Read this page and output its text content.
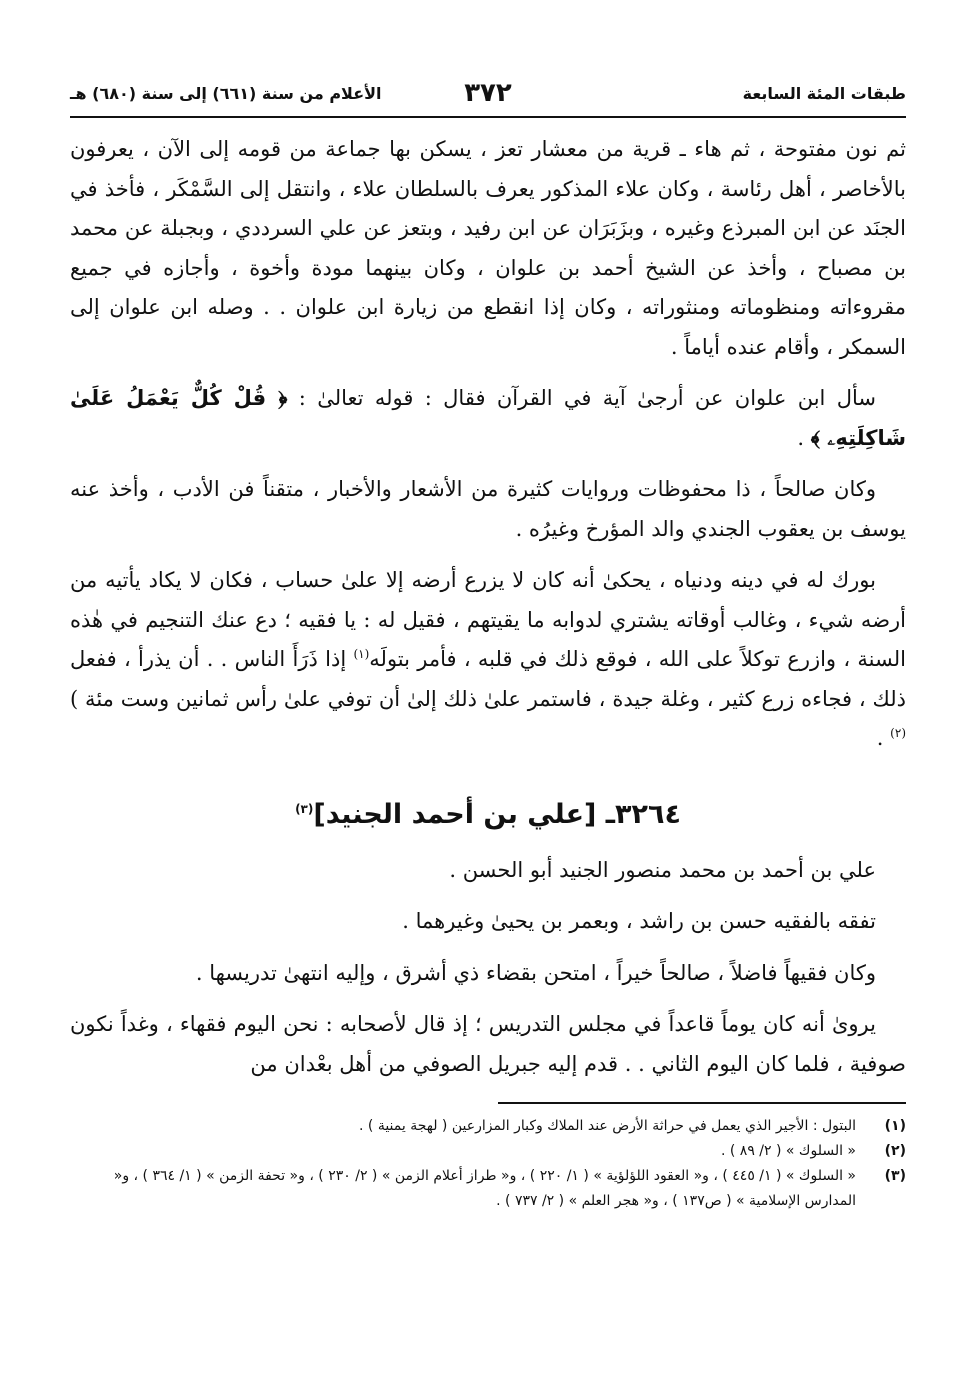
طبقات المئة السابعة
٣٧٢
الأعلام من سنة (٦٦١) إلى سنة (٦٨٠) هـ

ثم نون مفتوحة ، ثم هاء ـ قرية من معشار تعز ، يسكن بها جماعة من قومه إلى الآن ، يعرفون بالأخاصر ، أهل رئاسة ، وكان علاء المذكور يعرف بالسلطان علاء ، وانتقل إلى السَّمْكَر ، فأخذ في الجنَد عن ابن المبرذع وغيره ، وبزَبَرَان عن ابن رفيد ، وبتعز عن علي السرددي ، وبجبلة عن محمد بن مصباح ، وأخذ عن الشيخ أحمد بن علوان ، وكان بينهما مودة وأخوة ، وأجازه في جميع مقروءاته ومنظوماته ومنثوراته ، وكان إذا انقطع من زيارة ابن علوان . . وصله ابن علوان إلى السمكر ، وأقام عنده أياماً .

سأل ابن علوان عن أرجىٰ آية في القرآن فقال : قوله تعالىٰ : ﴿ قُلْ كُلٌّ يَعْمَلُ عَلَىٰ شَاكِلَتِهِۦ ﴾ .

وكان صالحاً ، ذا محفوظات وروايات كثيرة من الأشعار والأخبار ، متقناً فن الأدب ، وأخذ عنه يوسف بن يعقوب الجندي والد المؤرخ وغيرُه .

بورك له في دينه ودنياه ، يحكىٰ أنه كان لا يزرع أرضه إلا علىٰ حساب ، فكان لا يكاد يأتيه من أرضه شيء ، وغالب أوقاته يشتري لدوابه ما يقيتهم ، فقيل له : يا فقيه ؛ دع عنك التنجيم في هٰذه السنة ، وازرع توكلاً على الله ، فوقع ذلك في قلبه ، فأمر بتولَه$^{(١)}$ إذا ذَرَأَ الناس . . أن يذرأ ، ففعل ذلك ، فجاءه زرع كثير ، وغلة جيدة ، فاستمر علىٰ ذلك إلىٰ أن توفي علىٰ رأس ثمانين وست مئة )$^{(٢)}$ .

٣٢٦٤ـ [علي بن أحمد الجنيد]$^{(٣)}$

علي بن أحمد بن محمد منصور الجنيد أبو الحسن .

تفقه بالفقيه حسن بن راشد ، وبعمر بن يحيىٰ وغيرهما .

وكان فقيهاً فاضلاً ، صالحاً خيراً ، امتحن بقضاء ذي أشرق ، وإليه انتهىٰ تدريسها .

يروىٰ أنه كان يوماً قاعداً في مجلس التدريس ؛ إذ قال لأصحابه : نحن اليوم فقهاء ، وغداً نكون صوفية ، فلما كان اليوم الثاني . . قدم إليه جبريل الصوفي من أهل بعْدان من

(١)
البتول : الأجير الذي يعمل في حراثة الأرض عند الملاك وكبار المزارعين ( لهجة يمنية ) .
(٢)
« السلوك » ( ٢/ ٨٩ ) .
(٣)
« السلوك » ( ١/ ٤٤٥ ) ، و« العقود اللؤلؤية » ( ١/ ٢٢٠ ) ، و« طراز أعلام الزمن » ( ٢/ ٢٣٠ ) ، و« تحفة الزمن » ( ١/ ٣٦٤ ) ، و« المدارس الإسلامية » ( ص١٣٧ ) ، و« هجر العلم » ( ٢/ ٧٣٧ ) .
